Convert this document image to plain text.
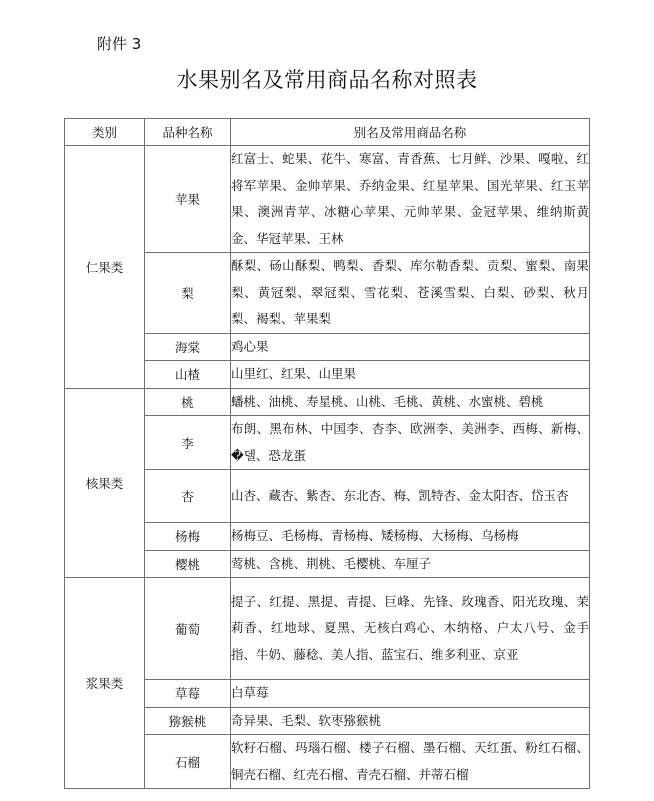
附件 3
水果别名及常用商品名称对照表
类别	品种名称	别名及常用商品名称
仁果类	苹果	红富士、蛇果、花牛、寒富、青香蕉、七月鲜、沙果、嘎啦、红将军苹果、金帅苹果、乔纳金果、红星苹果、国光苹果、红玉苹果、澳洲青苹、冰糖心苹果、元帅苹果、金冠苹果、维纳斯黄金、华冠苹果、王林
	梨	酥梨、砀山酥梨、鸭梨、香梨、库尔勒香梨、贡梨、蜜梨、南果梨、黄冠梨、翠冠梨、雪花梨、苍溪雪梨、白梨、砂梨、秋月梨、褐梨、苹果梨
	海棠	鸡心果
	山楂	山里红、红果、山里果
核果类	桃	蟠桃、油桃、寿星桃、山桃、毛桃、黄桃、水蜜桃、碧桃
	李	布朗、黑布林、中国李、杏李、欧洲李、美洲李、西梅、新梅、�델、恐龙蛋
	杏	山杏、藏杏、紫杏、东北杏、梅、凯特杏、金太阳杏、岱玉杏
	杨梅	杨梅豆、毛杨梅、青杨梅、矮杨梅、大杨梅、乌杨梅
	樱桃	莺桃、含桃、荆桃、毛樱桃、车厘子
浆果类	葡萄	提子、红提、黑提、青提、巨峰、先锋、玫瑰香、阳光玫瑰、茉莉香、红地球、夏黑、无核白鸡心、木纳格、户太八号、金手指、牛奶、藤稔、美人指、蓝宝石、维多利亚、京亚
	草莓	白草莓
	猕猴桃	奇异果、毛梨、软枣猕猴桃
	石榴	软籽石榴、玛瑙石榴、楼子石榴、墨石榴、天红蛋、粉红石榴、铜壳石榴、红壳石榴、青壳石榴、并蒂石榴
